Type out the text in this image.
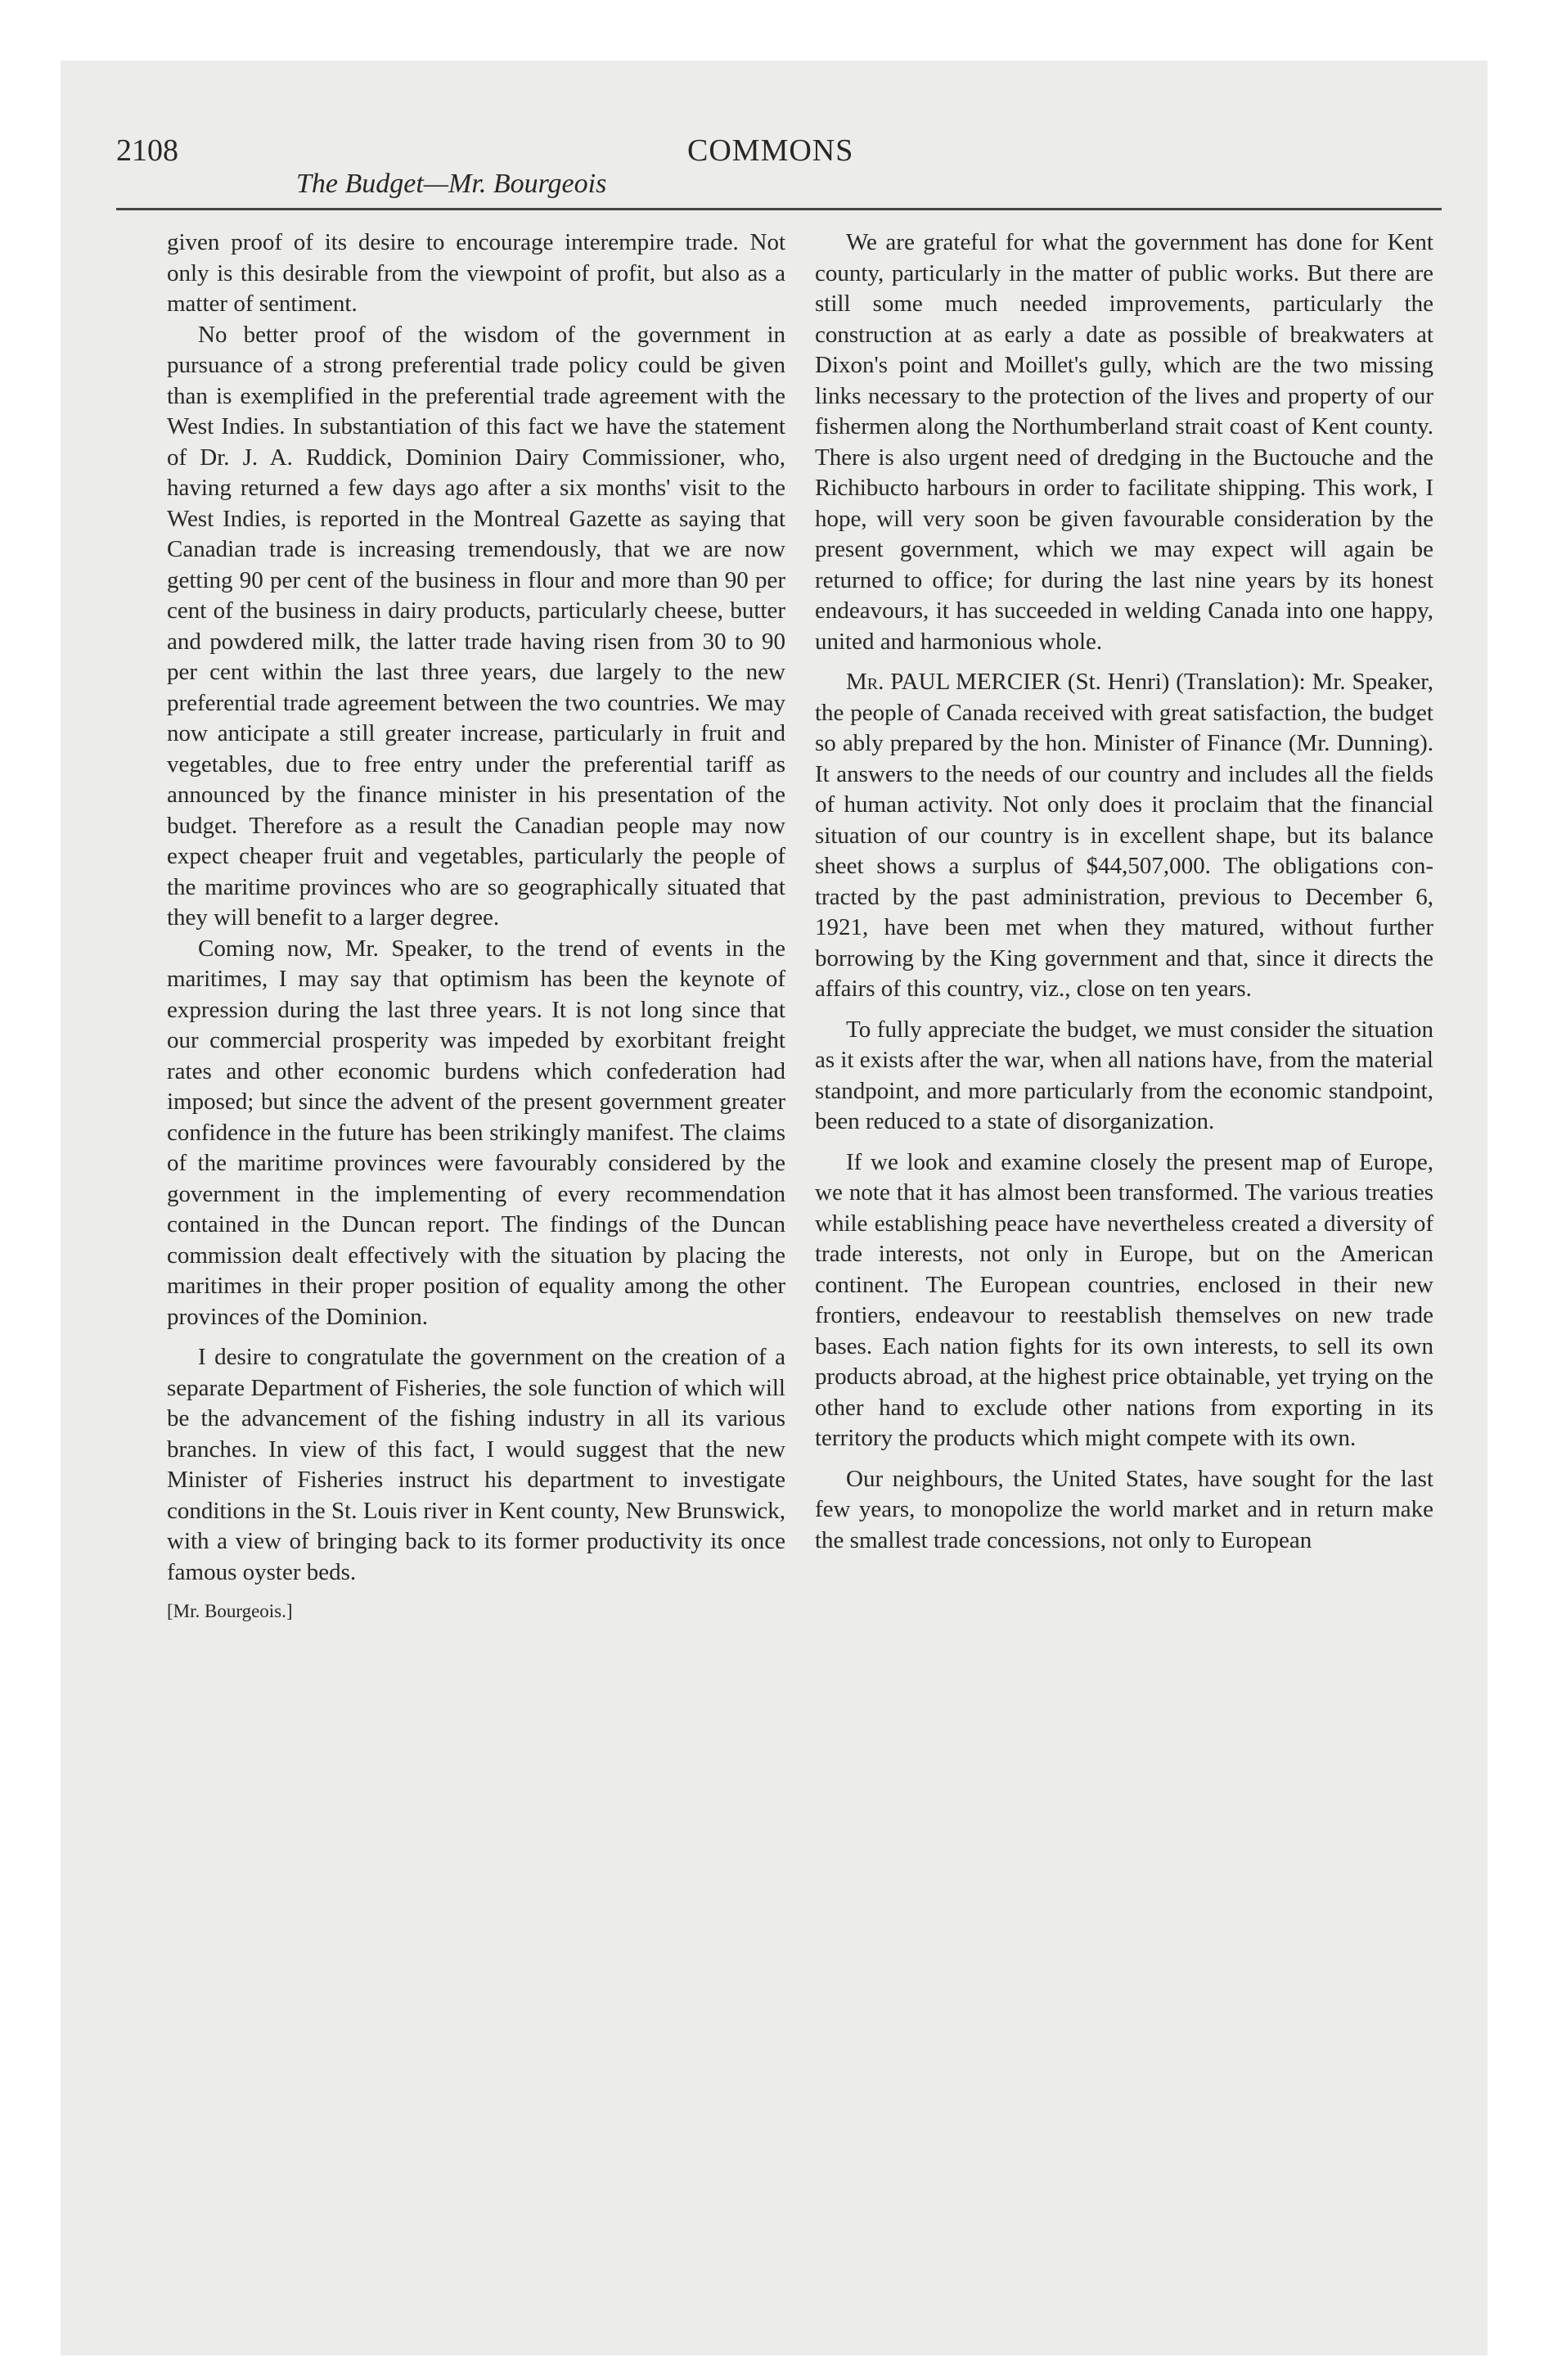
2108	COMMONS
The Budget—Mr. Bourgeois

given proof of its desire to encourage interempire trade. Not only is this desirable from the viewpoint of profit, but also as a matter of sentiment.

No better proof of the wisdom of the government in pursuance of a strong preferential trade policy could be given than is exemplified in the preferential trade agreement with the West Indies. In substantiation of this fact we have the statement of Dr. J. A. Ruddick, Dominion Dairy Commissioner, who, having returned a few days ago after a six months' visit to the West Indies, is reported in the Montreal Gazette as saying that Canadian trade is increasing tremendously, that we are now getting 90 per cent of the business in flour and more than 90 per cent of the business in dairy products, particularly cheese, butter and powdered milk, the latter trade having risen from 30 to 90 per cent within the last three years, due largely to the new preferential trade agreement between the two countries. We may now anticipate a still greater increase, particularly in fruit and vegetables, due to free entry under the preferential tariff as announced by the finance minister in his presentation of the budget. Therefore as a result the Canadian people may now expect cheaper fruit and vegetables, particularly the people of the maritime provinces who are so geographically situated that they will benefit to a larger degree.

Coming now, Mr. Speaker, to the trend of events in the maritimes, I may say that optimism has been the keynote of expression during the last three years. It is not long since that our commercial prosperity was impeded by exorbitant freight rates and other economic burdens which confederation had imposed; but since the advent of the present government greater confidence in the future has been strikingly manifest. The claims of the maritime provinces were favourably considered by the government in the implementing of every recommendation contained in the Duncan report. The findings of the Duncan commission dealt effectively with the situation by placing the maritimes in their proper position of equality among the other provinces of the Dominion.

I desire to congratulate the government on the creation of a separate Department of Fisheries, the sole function of which will be the advancement of the fishing industry in all its various branches. In view of this fact, I would suggest that the new Minister of Fisheries instruct his department to investigate conditions in the St. Louis river in Kent county, New Brunswick, with a view of bringing back to its former productivity its once famous oyster beds.

[Mr. Bourgeois.]

We are grateful for what the government has done for Kent county, particularly in the matter of public works. But there are still some much needed improvements, particularly the construction at as early a date as possible of breakwaters at Dixon's point and Moillet's gully, which are the two missing links necessary to the protection of the lives and property of our fishermen along the Northumberland strait coast of Kent county. There is also urgent need of dredging in the Buctouche and the Richibucto harbours in order to facilitate shipping. This work, I hope, will very soon be given favourable consideration by the present government, which we may expect will again be returned to office; for during the last nine years by its honest endeavours, it has succeeded in welding Canada into one happy, united and harmonious whole.

Mr. PAUL MERCIER (St. Henri) (Translation): Mr. Speaker, the people of Canada received with great satisfaction, the budget so ably prepared by the hon. Minister of Finance (Mr. Dunning). It answers to the needs of our country and includes all the fields of human activity. Not only does it proclaim that the financial situation of our country is in excellent shape, but its balance sheet shows a surplus of $44,507,000. The obligations contracted by the past administration, previous to December 6, 1921, have been met when they matured, without further borrowing by the King government and that, since it directs the affairs of this country, viz., close on ten years.

To fully appreciate the budget, we must consider the situation as it exists after the war, when all nations have, from the material standpoint, and more particularly from the economic standpoint, been reduced to a state of disorganization.

If we look and examine closely the present map of Europe, we note that it has almost been transformed. The various treaties while establishing peace have nevertheless created a diversity of trade interests, not only in Europe, but on the American continent. The European countries, enclosed in their new frontiers, endeavour to reestablish themselves on new trade bases. Each nation fights for its own interests, to sell its own products abroad, at the highest price obtainable, yet trying on the other hand to exclude other nations from exporting in its territory the products which might compete with its own.

Our neighbours, the United States, have sought for the last few years, to monopolize the world market and in return make the smallest trade concessions, not only to European
